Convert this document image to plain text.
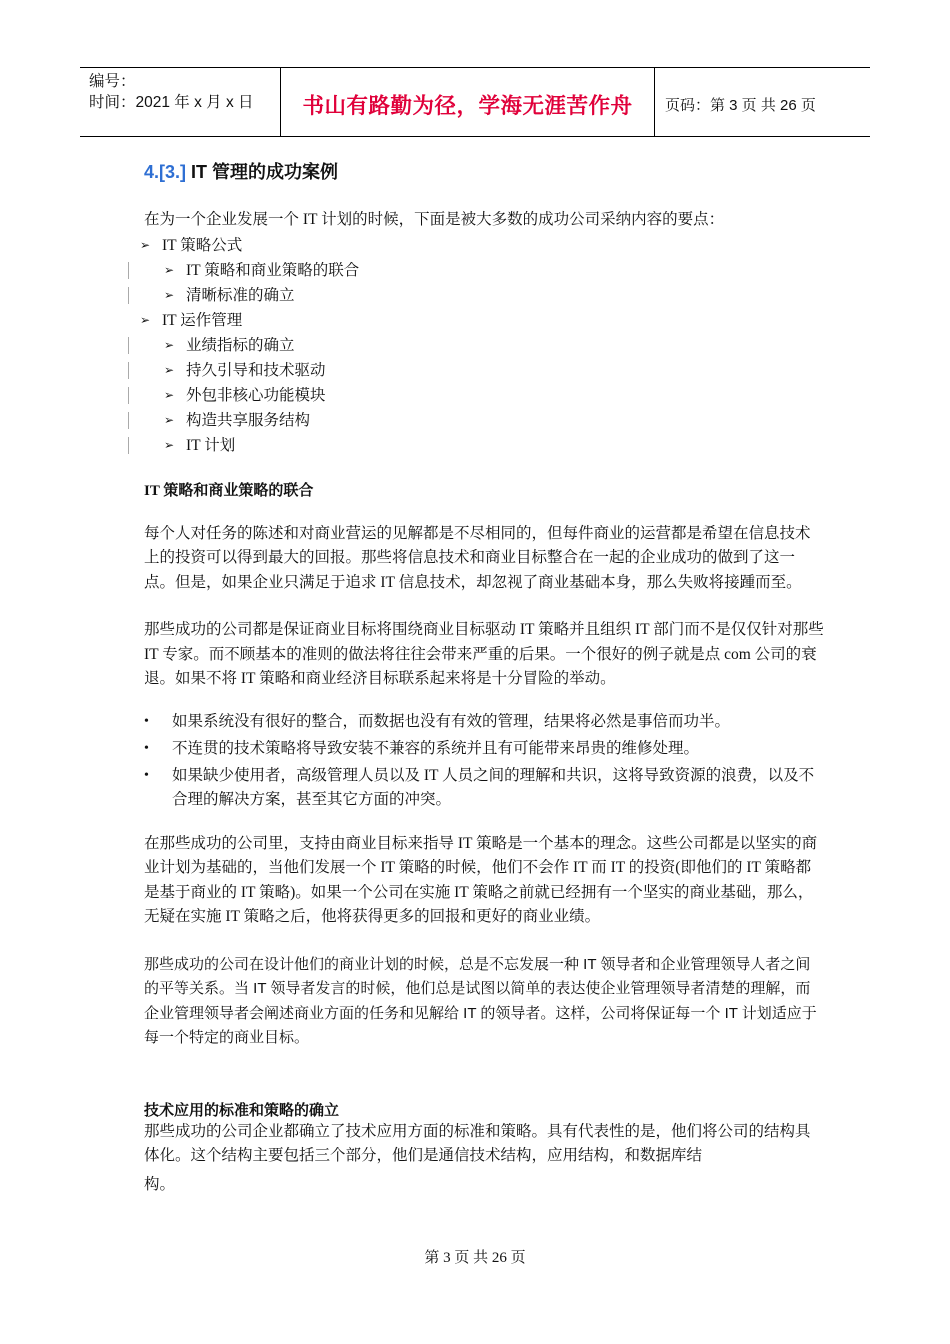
编号：
时间：2021 年 x 月 x 日	书山有路勤为径，学海无涯苦作舟	页码：第 3 页 共 26 页
4.[3.] IT 管理的成功案例

在为一个企业发展一个 IT 计划的时候，下面是被大多数的成功公司采纳内容的要点：

➢ IT 策略公式
➢ IT 策略和商业策略的联合
➢ 清晰标准的确立
➢ IT 运作管理
➢ 业绩指标的确立
➢ 持久引导和技术驱动
➢ 外包非核心功能模块
➢ 构造共享服务结构
➢ IT 计划

IT 策略和商业策略的联合

每个人对任务的陈述和对商业营运的见解都是不尽相同的，但每件商业的运营都是希望在信息技术上的投资可以得到最大的回报。那些将信息技术和商业目标整合在一起的企业成功的做到了这一点。但是，如果企业只满足于追求 IT 信息技术，却忽视了商业基础本身，那么失败将接踵而至。

那些成功的公司都是保证商业目标将围绕商业目标驱动 IT 策略并且组织 IT 部门而不是仅仅针对那些 IT 专家。而不顾基本的准则的做法将往往会带来严重的后果。一个很好的例子就是点 com 公司的衰退。如果不将 IT 策略和商业经济目标联系起来将是十分冒险的举动。

• 如果系统没有很好的整合，而数据也没有有效的管理，结果将必然是事倍而功半。

• 不连贯的技术策略将导致安装不兼容的系统并且有可能带来昂贵的维修处理。

• 如果缺少使用者，高级管理人员以及 IT 人员之间的理解和共识，这将导致资源的浪费，以及不合理的解决方案，甚至其它方面的冲突。

在那些成功的公司里，支持由商业目标来指导 IT 策略是一个基本的理念。这些公司都是以坚实的商业计划为基础的，当他们发展一个 IT 策略的时候，他们不会作 IT 而 IT 的投资(即他们的 IT 策略都是基于商业的 IT 策略)。如果一个公司在实施 IT 策略之前就已经拥有一个坚实的商业基础，那么，无疑在实施 IT 策略之后，他将获得更多的回报和更好的商业业绩。

那些成功的公司在设计他们的商业计划的时候，总是不忘发展一种 IT 领导者和企业管理领导人者之间的平等关系。当 IT 领导者发言的时候，他们总是试图以简单的表达使企业管理领导者清楚的理解，而企业管理领导者会阐述商业方面的任务和见解给 IT 的领导者。这样，公司将保证每一个 IT 计划适应于每一个特定的商业目标。

技术应用的标准和策略的确立

那些成功的公司企业都确立了技术应用方面的标准和策略。具有代表性的是，他们将公司的结构具体化。这个结构主要包括三个部分，他们是通信技术结构，应用结构，和数据库结

构。

第 3 页 共 26 页
